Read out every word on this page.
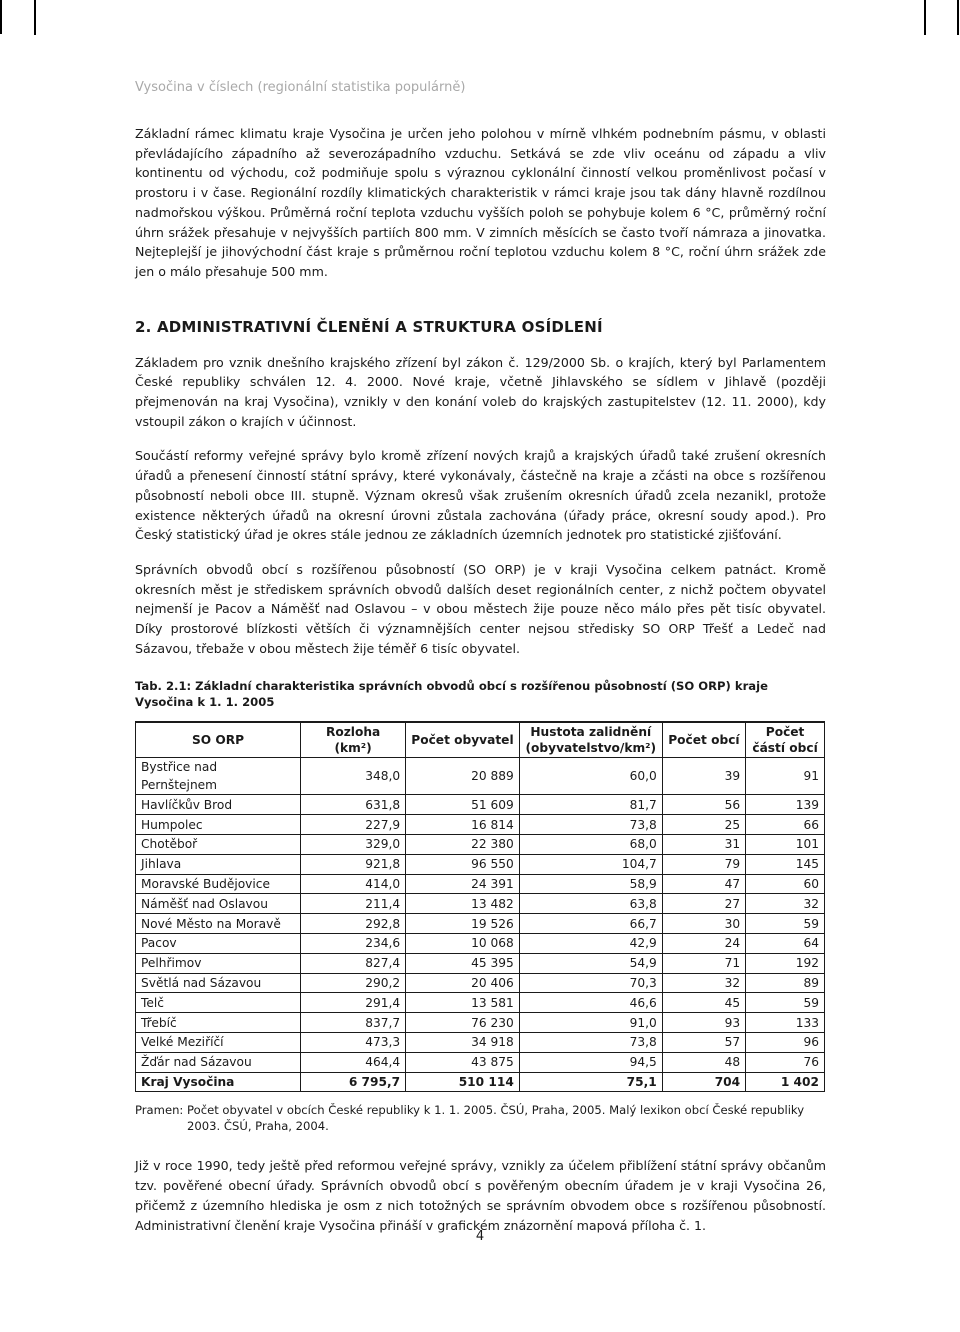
Vysočina v číslech (regionální statistika populárně)

Základní rámec klimatu kraje Vysočina je určen jeho polohou v mírně vlhkém podnebním pásmu, v oblasti převládajícího západního až severozápadního vzduchu. Setkává se zde vliv oceánu od západu a vliv kontinentu od východu, což podmiňuje spolu s výraznou cyklonální činností velkou proměnlivost počasí v prostoru i v čase. Regionální rozdíly klimatických charakteristik v rámci kraje jsou tak dány hlavně rozdílnou nadmořskou výškou. Průměrná roční teplota vzduchu vyšších poloh se pohybuje kolem 6 °C, průměrný roční úhrn srážek přesahuje v nejvyšších partiích 800 mm. V zimních měsících se často tvoří námraza a jinovatka. Nejteplejší je jihovýchodní část kraje s průměrnou roční teplotou vzduchu kolem 8 °C, roční úhrn srážek zde jen o málo přesahuje 500 mm.

2. ADMINISTRATIVNÍ ČLENĚNÍ A STRUKTURA OSÍDLENÍ

Základem pro vznik dnešního krajského zřízení byl zákon č. 129/2000 Sb. o krajích, který byl Parlamentem České republiky schválen 12. 4. 2000. Nové kraje, včetně Jihlavského se sídlem v Jihlavě (později přejmenován na kraj Vysočina), vznikly v den konání voleb do krajských zastupitelstev (12. 11. 2000), kdy vstoupil zákon o krajích v účinnost.

Součástí reformy veřejné správy bylo kromě zřízení nových krajů a krajských úřadů také zrušení okresních úřadů a přenesení činností státní správy, které vykonávaly, částečně na kraje a zčásti na obce s rozšířenou působností neboli obce III. stupně. Význam okresů však zrušením okresních úřadů zcela nezanikl, protože existence některých úřadů na okresní úrovni zůstala zachována (úřady práce, okresní soudy apod.). Pro Český statistický úřad je okres stále jednou ze základních územních jednotek pro statistické zjišťování.

Správních obvodů obcí s rozšířenou působností (SO ORP) je v kraji Vysočina celkem patnáct. Kromě okresních měst je střediskem správních obvodů dalších deset regionálních center, z nichž počtem obyvatel nejmenší je Pacov a Náměšť nad Oslavou – v obou městech žije pouze něco málo přes pět tisíc obyvatel. Díky prostorové blízkosti větších či významnějších center nejsou středisky SO ORP Třešť a Ledeč nad Sázavou, třebaže v obou městech žije téměř 6 tisíc obyvatel.

Tab. 2.1: Základní charakteristika správních obvodů obcí s rozšířenou působností (SO ORP) kraje Vysočina k 1. 1. 2005
SO ORP	Rozloha (km²)	Počet obyvatel	Hustota zalidnění (obyvatelstvo/km²)	Počet obcí	Počet částí obcí
Bystřice nad Pernštejnem	348,0	20 889	60,0	39	91
Havlíčkův Brod	631,8	51 609	81,7	56	139
Humpolec	227,9	16 814	73,8	25	66
Chotěboř	329,0	22 380	68,0	31	101
Jihlava	921,8	96 550	104,7	79	145
Moravské Budějovice	414,0	24 391	58,9	47	60
Náměšť nad Oslavou	211,4	13 482	63,8	27	32
Nové Město na Moravě	292,8	19 526	66,7	30	59
Pacov	234,6	10 068	42,9	24	64
Pelhřimov	827,4	45 395	54,9	71	192
Světlá nad Sázavou	290,2	20 406	70,3	32	89
Telč	291,4	13 581	46,6	45	59
Třebíč	837,7	76 230	91,0	93	133
Velké Meziříčí	473,3	34 918	73,8	57	96
Žďár nad Sázavou	464,4	43 875	94,5	48	76
Kraj Vysočina	6 795,7	510 114	75,1	704	1 402
Pramen: Počet obyvatel v obcích České republiky k 1. 1. 2005. ČSÚ, Praha, 2005. Malý lexikon obcí České republiky 2003. ČSÚ, Praha, 2004.

Již v roce 1990, tedy ještě před reformou veřejné správy, vznikly za účelem přiblížení státní správy občanům tzv. pověřené obecní úřady. Správních obvodů obcí s pověřeným obecním úřadem je v kraji Vysočina 26, přičemž z územního hlediska je osm z nich totožných se správním obvodem obce s rozšířenou působností. Administrativní členění kraje Vysočina přináší v grafickém znázornění mapová příloha č. 1.

4
